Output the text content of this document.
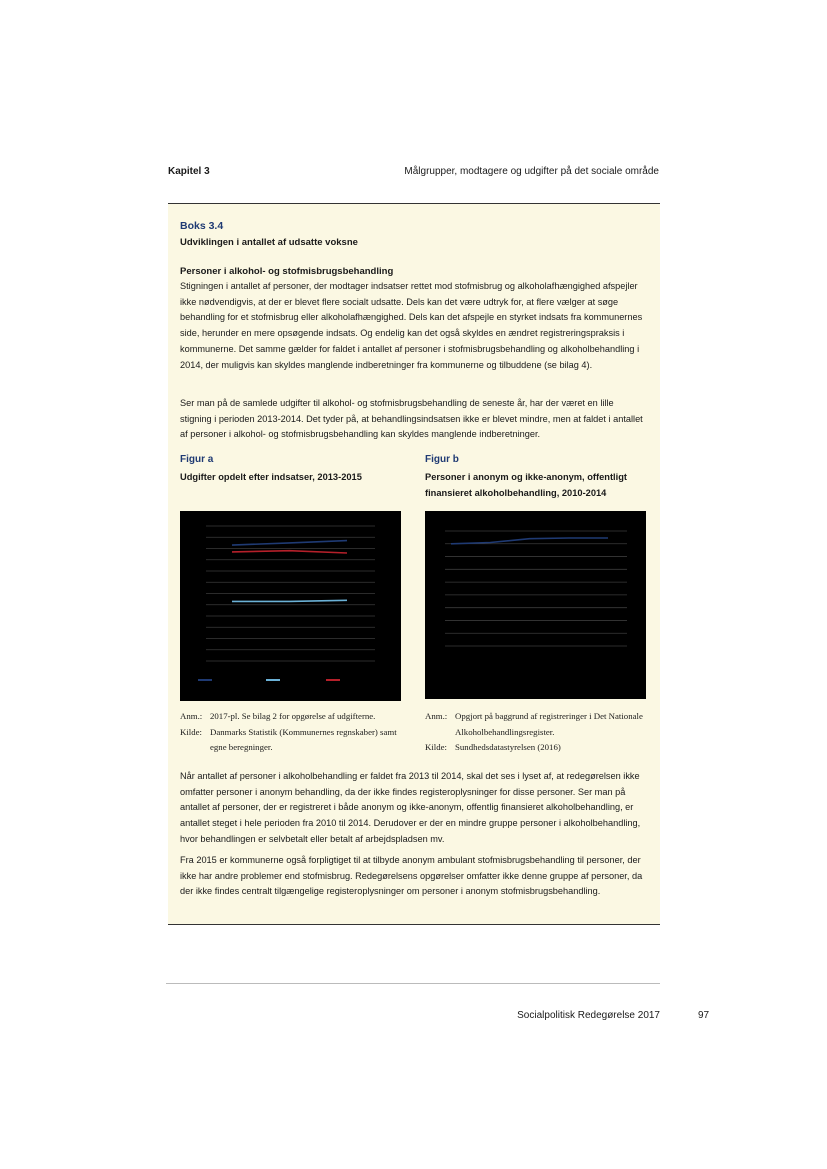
Kapitel 3	Målgrupper, modtagere og udgifter på det sociale område
Boks 3.4
Udviklingen i antallet af udsatte voksne
Personer i alkohol- og stofmisbrugsbehandling
Stigningen i antallet af personer, der modtager indsatser rettet mod stofmisbrug og alkoholafhængighed afspejler ikke nødvendigvis, at der er blevet flere socialt udsatte. Dels kan det være udtryk for, at flere vælger at søge behandling for et stofmisbrug eller alkoholafhængighed. Dels kan det afspejle en styrket indsats fra kommunernes side, herunder en mere opsøgende indsats. Og endelig kan det også skyldes en ændret registreringspraksis i kommunerne. Det samme gælder for faldet i antallet af personer i stofmisbrugsbehandling og alkoholbehandling i 2014, der muligvis kan skyldes manglende indberetninger fra kommunerne og tilbuddene (se bilag 4).
Ser man på de samlede udgifter til alkohol- og stofmisbrugsbehandling de seneste år, har der været en lille stigning i perioden 2013-2014. Det tyder på, at behandlingsindsatsen ikke er blevet mindre, men at faldet i antallet af personer i alkohol- og stofmisbrugsbehandling kan skyldes manglende indberetninger.
Figur a
Udgifter opdelt efter indsatser, 2013-2015
Figur b
Personer i anonym og ikke-anonym, offentligt finansieret alkoholbehandling, 2010-2014
Anm.: 2017-pl. Se bilag 2 for opgørelse af udgifterne.
Kilde: Danmarks Statistik (Kommunernes regnskaber) samt egne beregninger.
Anm.: Opgjort på baggrund af registreringer i Det Nationale Alkoholbehandlingsregister.
Kilde: Sundhedsdatastyrelsen (2016)
Når antallet af personer i alkoholbehandling er faldet fra 2013 til 2014, skal det ses i lyset af, at redegørelsen ikke omfatter personer i anonym behandling, da der ikke findes registeroplysninger for disse personer. Ser man på antallet af personer, der er registreret i både anonym og ikke-anonym, offentlig finansieret alkoholbehandling, er antallet steget i hele perioden fra 2010 til 2014. Derudover er der en mindre gruppe personer i alkoholbehandling, hvor behandlingen er selvbetalt eller betalt af arbejdspladsen mv.
Fra 2015 er kommunerne også forpligtiget til at tilbyde anonym ambulant stofmisbrugsbehandling til personer, der ikke har andre problemer end stofmisbrug. Redegørelsens opgørelser omfatter ikke denne gruppe af personer, da der ikke findes centralt tilgængelige registeroplysninger om personer i anonym stofmisbrugsbehandling.
Socialpolitisk Redegørelse 2017	97
